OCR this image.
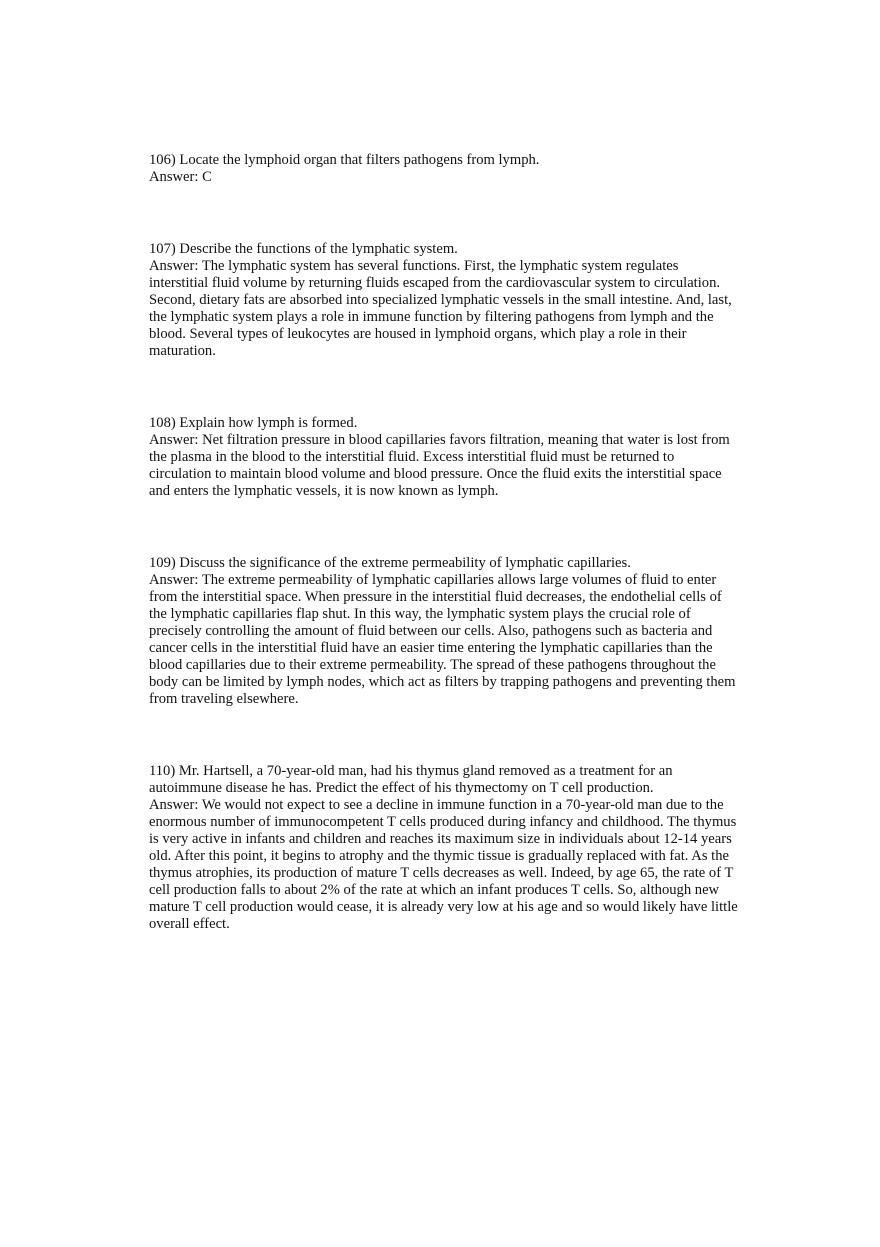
106) Locate the lymphoid organ that filters pathogens from lymph.

Answer: C

107) Describe the functions of the lymphatic system.

Answer: The lymphatic system has several functions. First, the lymphatic system regulates interstitial fluid volume by returning fluids escaped from the cardiovascular system to circulation. Second, dietary fats are absorbed into specialized lymphatic vessels in the small intestine. And, last, the lymphatic system plays a role in immune function by filtering pathogens from lymph and the blood. Several types of leukocytes are housed in lymphoid organs, which play a role in their maturation.

108) Explain how lymph is formed.

Answer: Net filtration pressure in blood capillaries favors filtration, meaning that water is lost from the plasma in the blood to the interstitial fluid. Excess interstitial fluid must be returned to circulation to maintain blood volume and blood pressure. Once the fluid exits the interstitial space and enters the lymphatic vessels, it is now known as lymph.

109) Discuss the significance of the extreme permeability of lymphatic capillaries.

Answer: The extreme permeability of lymphatic capillaries allows large volumes of fluid to enter from the interstitial space. When pressure in the interstitial fluid decreases, the endothelial cells of the lymphatic capillaries flap shut. In this way, the lymphatic system plays the crucial role of precisely controlling the amount of fluid between our cells. Also, pathogens such as bacteria and cancer cells in the interstitial fluid have an easier time entering the lymphatic capillaries than the blood capillaries due to their extreme permeability. The spread of these pathogens throughout the body can be limited by lymph nodes, which act as filters by trapping pathogens and preventing them from traveling elsewhere.

110) Mr. Hartsell, a 70-year-old man, had his thymus gland removed as a treatment for an autoimmune disease he has. Predict the effect of his thymectomy on T cell production.

Answer: We would not expect to see a decline in immune function in a 70-year-old man due to the enormous number of immunocompetent T cells produced during infancy and childhood. The thymus is very active in infants and children and reaches its maximum size in individuals about 12-14 years old. After this point, it begins to atrophy and the thymic tissue is gradually replaced with fat. As the thymus atrophies, its production of mature T cells decreases as well. Indeed, by age 65, the rate of T cell production falls to about 2% of the rate at which an infant produces T cells. So, although new mature T cell production would cease, it is already very low at his age and so would likely have little overall effect.
